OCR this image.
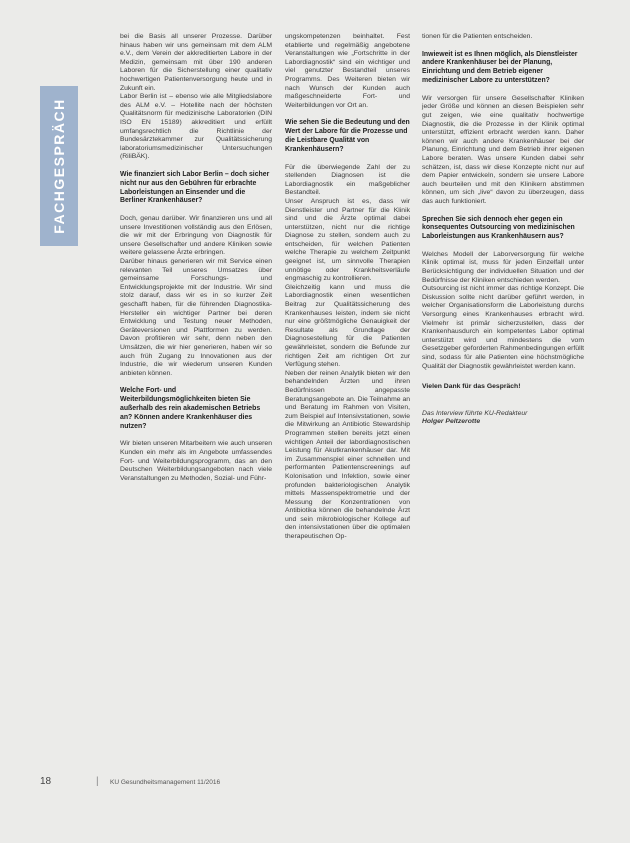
FACHGESPRÄCH

bei die Basis all unserer Prozesse. Darüber hinaus haben wir uns gemeinsam mit dem ALM e.V., dem Verein der akkreditierten Labore in der Medizin, gemeinsam mit über 190 anderen Laboren für die Sicherstellung einer qualitativ hochwertigen Patientenversorgung heute und in Zukunft ein.

Labor Berlin ist – ebenso wie alle Mitgliedslabore des ALM e.V. – Hotellite nach der höchsten Qualitätsnorm für medizinische Laboratorien (DIN ISO EN 15189) akkreditiert und erfüllt umfangsrechtlich die Richtlinie der Bundesärztekammer zur Qualitätssicherung laboratoriumsmedizinischer Untersuchungen (RiliBÄK).

Wie finanziert sich Labor Berlin – doch sicher nicht nur aus den Gebühren für erbrachte Laborleistungen an Einsender und die Berliner Krankenhäuser?

Doch, genau darüber. Wir finanzieren uns und all unsere Investitionen vollständig aus den Erlösen, die wir mit der Erbringung von Diagnostik für unsere Gesellschafter und andere Kliniken sowie weitere gelassene Ärzte erbringen.

Darüber hinaus generieren wir mit Service einen relevanten Teil unseres Umsatzes über gemeinsame Forschungs- und Entwicklungsprojekte mit der Industrie. Wir sind stolz darauf, dass wir es in so kurzer Zeit geschafft haben, für die führenden Diagnostika-Hersteller ein wichtiger Partner bei deren Entwicklung und Testung neuer Methoden, Geräteversionen und Plattformen zu werden. Davon profitieren wir sehr, denn neben den Umsätzen, die wir hier generieren, haben wir so auch früh Zugang zu Innovationen aus der Industrie, die wir wiederum unseren Kunden anbieten können.

Welche Fort- und Weiterbildungsmöglichkeiten bieten Sie außerhalb des rein akademischen Betriebs an? Können andere Krankenhäuser dies nutzen?

Wir bieten unseren Mitarbeitern wie auch unseren Kunden ein mehr als im Angebote umfassendes Fort- und Weiterbildungsprogramm, das an den Deutschen Weiterbildungsangeboten nach viele Veranstaltungen zu Methoden, Sozial- und Führ-

ungskompetenzen beinhaltet. Fest etablierte und regelmäßig angebotene Veranstaltungen wie „Fortschritte in der Labordiagnostik“ sind ein wichtiger und viel genutzter Bestandteil unseres Programms. Des Weiteren bieten wir nach Wunsch der Kunden auch maßgeschneiderte Fort- und Weiterbildungen vor Ort an.

Wie sehen Sie die Bedeutung und den Wert der Labore für die Prozesse und die Leistbare Qualität von Krankenhäusern?

Für die überwiegende Zahl der zu stellenden Diagnosen ist die Labordiagnostik ein maßgeblicher Bestandteil.

Unser Anspruch ist es, dass wir Dienstleister und Partner für die Klinik sind und die Ärzte optimal dabei unterstützen, nicht nur die richtige Diagnose zu stellen, sondern auch zu entscheiden, für welchen Patienten welche Therapie zu welchem Zeitpunkt geeignet ist, um sinnvolle Therapien unnötige oder Krankheitsverläufe engmaschig zu kontrollieren.

Gleichzeitig kann und muss die Labordiagnostik einen wesentlichen Beitrag zur Qualitätssicherung des Krankenhauses leisten, indem sie nicht nur eine größtmögliche Genauigkeit der Resultate als Grundlage der Diagnosestellung für die Patienten gewährleistet, sondern die Befunde zur richtigen Zeit am richtigen Ort zur Verfügung stehen.

Neben der reinen Analytik bieten wir den behandelnden Ärzten und ihren Bedürfnissen angepasste Beratungsangebote an. Die Teilnahme an und Beratung im Rahmen von Visiten, zum Beispiel auf Intensivstationen, sowie die Mitwirkung an Antibiotic Stewardship Programmen stellen bereits jetzt einen wichtigen Anteil der labordiagnostischen Leistung für Akutkrankenhäuser dar. Mit im Zusammenspiel einer schnellen und performanten Patientenscreenings auf Kolonisation und Infektion, sowie einer profunden bakteriologischen Analytik mittels Massenspektrometrie und der Messung der Konzentrationen von Antibiotika können die behandelnde Ärzt und sein mikrobiologischer Kollege auf den intensivstationen über die optimalen therapeutischen Op-

tionen für die Patienten entscheiden.

Inwieweit ist es Ihnen möglich, als Dienstleister andere Krankenhäuser bei der Planung, Einrichtung und dem Betrieb eigener medizinischer Labore zu unterstützen?

Wir versorgen für unsere Gesellschafter Kliniken jeder Größe und können an diesen Beispielen sehr gut zeigen, wie eine qualitativ hochwertige Diagnostik, die die Prozesse in der Klinik optimal unterstützt, effizient erbracht werden kann. Daher können wir auch andere Krankenhäuser bei der Planung, Einrichtung und dem Betrieb ihrer eigenen Labore beraten. Was unsere Kunden dabei sehr schätzen, ist, dass wir diese Konzepte nicht nur auf dem Papier entwickeln, sondern sie unsere Labore auch beurteilen und mit den Klinikern abstimmen können, um sich „live“ davon zu überzeugen, dass das auch funktioniert.

Sprechen Sie sich dennoch eher gegen ein konsequentes Outsourcing von medizinischen Laborleistungen aus Krankenhäusern aus?

Welches Modell der Laborversorgung für welche Klinik optimal ist, muss für jeden Einzelfall unter Berücksichtigung der individuellen Situation und der Bedürfnisse der Kliniken entschieden werden.

Outsourcing ist nicht immer das richtige Konzept. Die Diskussion sollte nicht darüber geführt werden, in welcher Organisationsform die Laborleistung durchs Versorgung eines Krankenhauses erbracht wird. Vielmehr ist primär sicherzustellen, dass der Krankenhausdurch ein kompetentes Labor optimal unterstützt wird und mindestens die vom Gesetzgeber geforderten Rahmenbedingungen erfüllt sind, sodass für alle Patienten eine höchstmögliche Qualität der Diagnostik gewährleistet werden kann.

Vielen Dank für das Gespräch!

Das Interview führte KU-Redakteur
Holger Peltzerotte

18	| KU Gesundheitsmanagement 11/2016
